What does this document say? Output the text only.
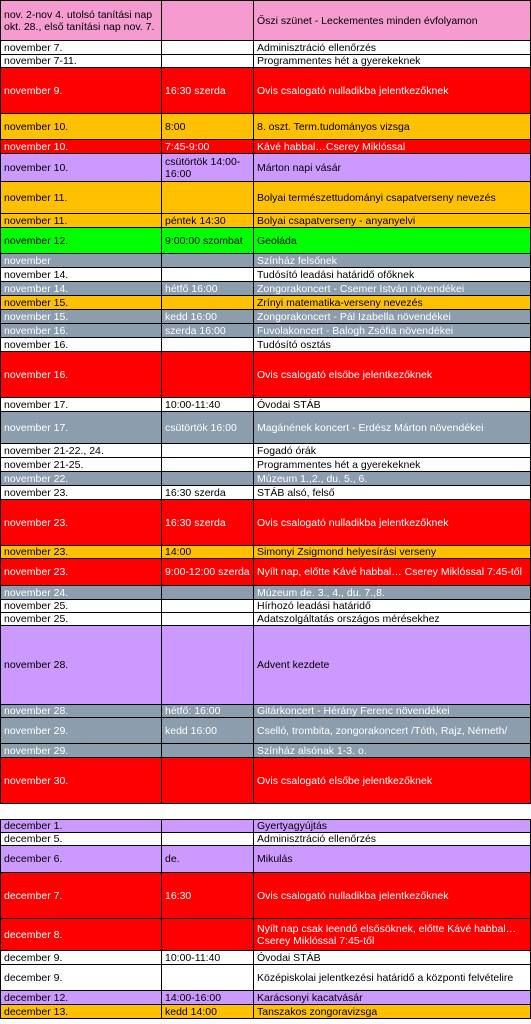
nov. 2-nov 4. utolsó tanítási nap okt. 28., első tanítási nap nov. 7.		Őszi szünet - Leckementes minden évfolyamon
november 7.		Adminisztráció ellenőrzés
november 7-11.		Programmentes hét a gyerekeknek
november 9.	16:30 szerda	Ovis csalogató nulladikba jelentkezőknek
november 10.	8:00	8. oszt. Term.tudományos vizsga
november 10.	7:45-9:00	Kávé habbal…Cserey Miklóssal
november 10.	csütörtök 14:00-16:00	Márton napi vásár
november 11.		Bolyai természettudományi csapatverseny nevezés
november 11.	péntek 14:30	Bolyai csapatverseny - anyanyelvi
november 12.	9:00:00 szombat	Geoláda
november		Színház felsőnek
november 14.		Tudósító leadási határidő ofőknek
november 14.	hétfő 16:00	Zongorakoncert - Csemer István növendékei
november 15.		Zrínyi matematika-verseny nevezés
november 15.	kedd 16:00	Zongorakoncert - Pál Izabella növendékei
november 16.	szerda 16:00	Fuvolakoncert - Balogh Zsófia növendékei
november 16.		Tudósító osztás
november 16.		Ovis csalogató elsőbe jelentkezőknek
november 17.	10:00-11:40	Óvodai STÁB
november 17.	csütörtök 16:00	Magánének koncert - Erdész Márton növendékei
november 21-22., 24.		Fogadó órák
november 21-25.		Programmentes hét a gyerekeknek
november 22.		Múzeum 1.,2., du. 5., 6.
november 23.	16:30 szerda	STÁB alsó, felső
november 23.	16:30 szerda	Ovis csalogató nulladikba jelentkezőknek
november 23.	14:00	Simonyi Zsigmond helyesírási verseny
november 23.	9:00-12:00 szerda	Nyílt nap, előtte Kávé habbal… Cserey Miklóssal 7:45-től
november 24.		Múzeum de. 3., 4., du. 7.,8.
november 25.		Hírhozó leadási határidő
november 25.		Adatszolgáltatás országos mérésekhez
november 28.		Advent kezdete
november 28.	hétfő: 16:00	Gitárkoncert - Hérány Ferenc növendékei
november 29.	kedd 16:00	Cselló, trombita, zongorakoncert /Tóth, Rajz, Németh/
november 29.		Színház alsónak 1-3. o.
november 30.		Ovis csalogató elsőbe jelentkezőknek

december 1.		Gyertyagyújtás
december 5.		Adminisztráció ellenőrzés
december 6.	de.	Mikulás
december 7.	16:30	Ovis csalogató nulladikba jelentkezőknek
december 8.		Nyílt nap csak leendő elsősöknek, előtte Kávé habbal… Cserey Miklóssal 7:45-től
december 9.	10:00-11:40	Óvodai STÁB
december 9.		Középiskolai jelentkezési határidő a központi felvételire
december 12.	14:00-16:00	Karácsonyi kacatvásár
december 13.	kedd 14:00	Tanszakos zongoravizsga
